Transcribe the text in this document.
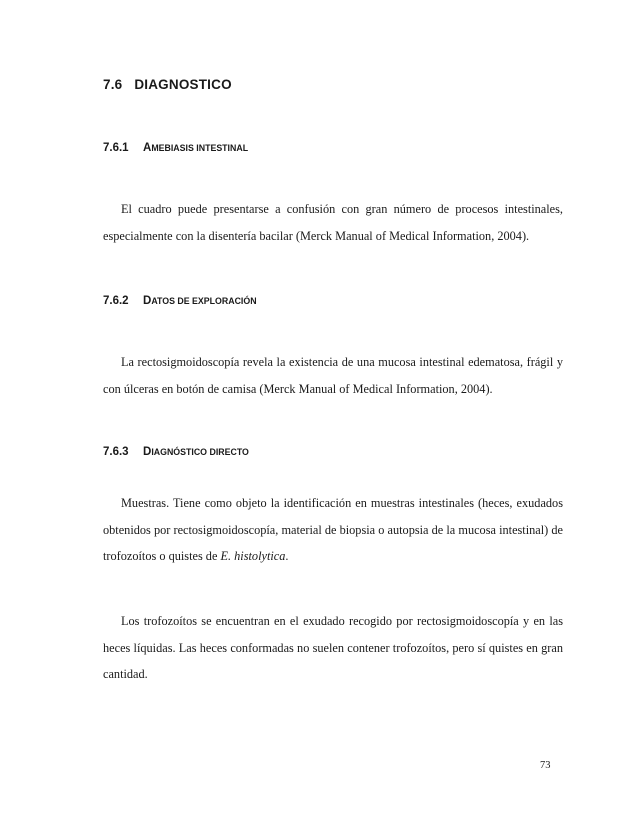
7.6 DIAGNOSTICO
7.6.1 AMEBIASIS INTESTINAL

El cuadro puede presentarse a confusión con gran número de procesos intestinales, especialmente con la disentería bacilar (Merck Manual of Medical Information, 2004).

7.6.2 DATOS DE EXPLORACIÓN

La rectosigmoidoscopía revela la existencia de una mucosa intestinal edematosa, frágil y con úlceras en botón de camisa (Merck Manual of Medical Information, 2004).

7.6.3 DIAGNÓSTICO DIRECTO

Muestras. Tiene como objeto la identificación en muestras intestinales (heces, exudados obtenidos por rectosigmoidoscopía, material de biopsia o autopsia de la mucosa intestinal) de trofozoítos o quistes de E. histolytica.

Los trofozoítos se encuentran en el exudado recogido por rectosigmoidoscopía y en las heces líquidas. Las heces conformadas no suelen contener trofozoítos, pero sí quistes en gran cantidad.

73
